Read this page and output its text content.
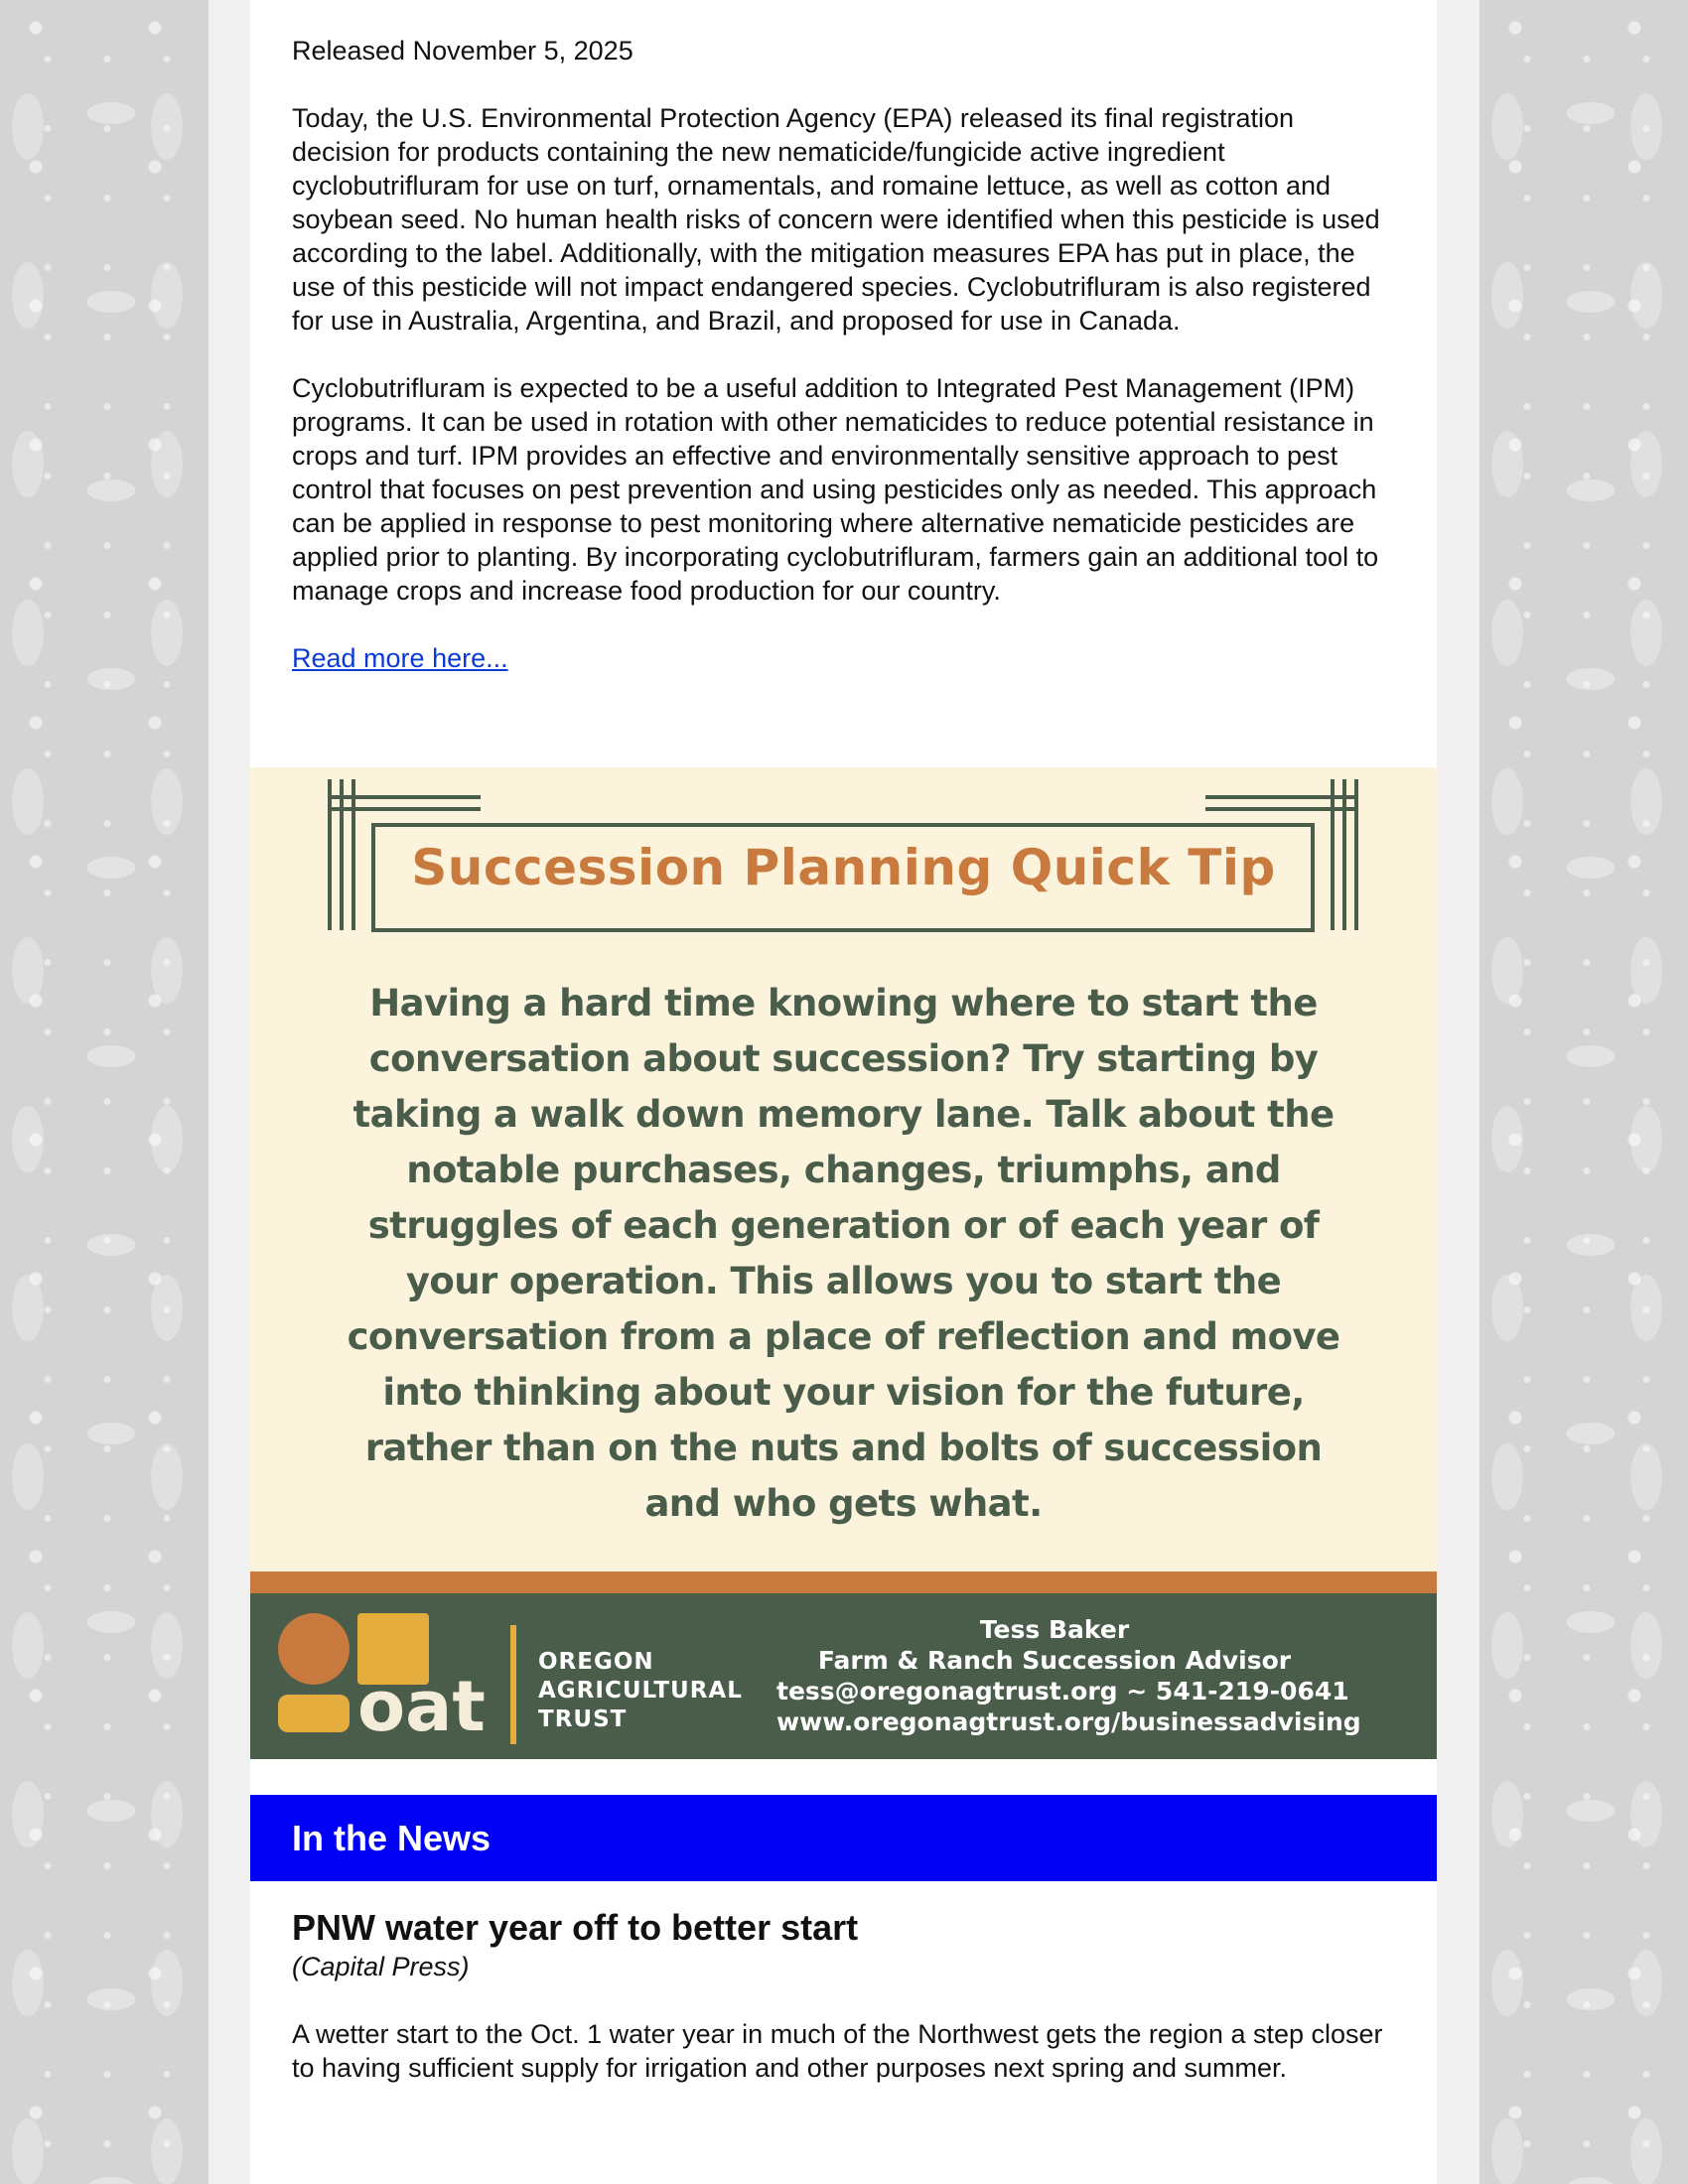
Released November 5, 2025

Today, the U.S. Environmental Protection Agency (EPA) released its final registration decision for products containing the new nematicide/fungicide active ingredient cyclobutrifluram for use on turf, ornamentals, and romaine lettuce, as well as cotton and soybean seed. No human health risks of concern were identified when this pesticide is used according to the label. Additionally, with the mitigation measures EPA has put in place, the use of this pesticide will not impact endangered species. Cyclobutrifluram is also registered for use in Australia, Argentina, and Brazil, and proposed for use in Canada.

Cyclobutrifluram is expected to be a useful addition to Integrated Pest Management (IPM) programs. It can be used in rotation with other nematicides to reduce potential resistance in crops and turf. IPM provides an effective and environmentally sensitive approach to pest control that focuses on pest prevention and using pesticides only as needed. This approach can be applied in response to pest monitoring where alternative nematicide pesticides are applied prior to planting. By incorporating cyclobutrifluram, farmers gain an additional tool to manage crops and increase food production for our country.

Read more here...
Succession Planning Quick Tip
Having a hard time knowing where to start the conversation about succession? Try starting by taking a walk down memory lane. Talk about the notable purchases, changes, triumphs, and struggles of each generation or of each year of your operation. This allows you to start the conversation from a place of reflection and move into thinking about your vision for the future, rather than on the nuts and bolts of succession and who gets what.
oat
OREGON
AGRICULTURAL
TRUST
Tess Baker
Farm & Ranch Succession Advisor
tess@oregonagtrust.org ~ 541-219-0641
www.oregonagtrust.org/businessadvising
In the News

PNW water year off to better start

(Capital Press)
A wetter start to the Oct. 1 water year in much of the Northwest gets the region a step closer to having sufficient supply for irrigation and other purposes next spring and summer.
